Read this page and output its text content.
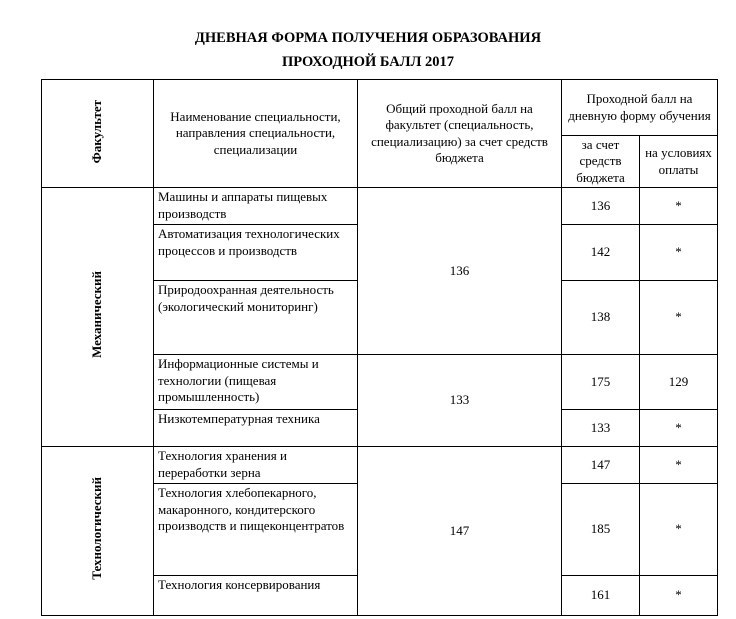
ДНЕВНАЯ ФОРМА ПОЛУЧЕНИЯ ОБРАЗОВАНИЯ
ПРОХОДНОЙ БАЛЛ 2017
Факультет	Наименование специальности, направления специальности, специализации	Общий проходной балл на факультет (специальность, специализацию) за счет средств бюджета	Проходной балл на дневную форму обучения	
			за счет средств бюджета	на условиях оплаты
Механический	Машины и аппараты пищевых производств	136	136	*
	Автоматизация технологических процессов и производств		142	*
	Природоохранная деятельность (экологический мониторинг)		138	*
	Информационные системы и технологии (пищевая промышленность)	133	175	129
	Низкотемпературная техника		133	*
Технологический	Технология хранения и переработки зерна	147	147	*
	Технология хлебопекарного, макаронного, кондитерского производств и пищеконцентратов		185	*
	Технология консервирования		161	*
